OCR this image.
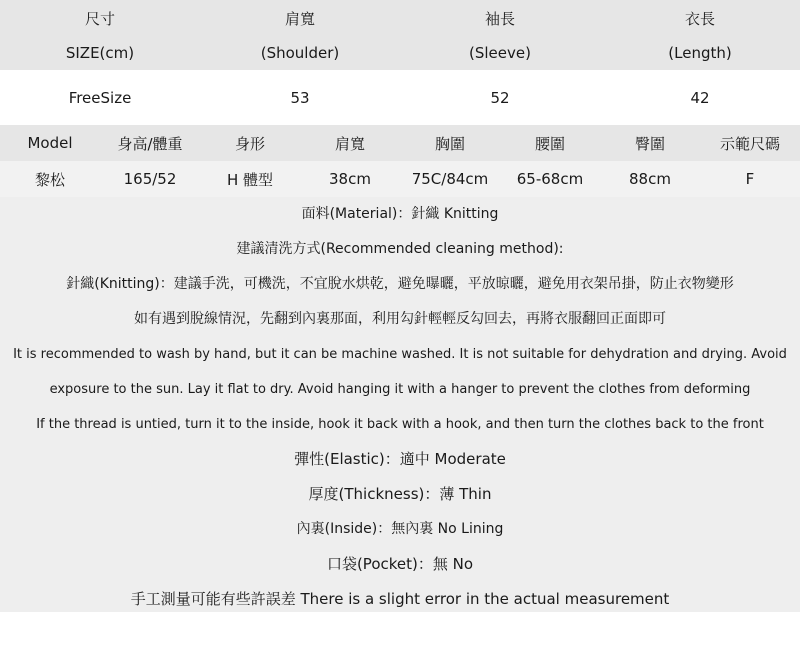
尺寸	肩寬	袖長	衣長
SIZE(cm)	(Shoulder)	(Sleeve)	(Length)
FreeSize	53	52	42
Model	身高/體重	身形	肩寬	胸圍	腰圍	臀圍	示範尺碼
黎松	165/52	H 體型	38cm	75C/84cm	65-68cm	88cm	F
面料(Material)：針織 Knitting
建議清洗方式(Recommended cleaning method):
針織(Knitting)：建議手洗，可機洗，不宜脫水烘乾，避免曝曬，平放晾曬，避免用衣架吊掛，防止衣物變形
如有遇到脫線情況，先翻到內裏那面，利用勾針輕輕反勾回去，再將衣服翻回正面即可
It is recommended to wash by hand, but it can be machine washed. It is not suitable for dehydration and drying. Avoid
exposure to the sun. Lay it flat to dry. Avoid hanging it with a hanger to prevent the clothes from deforming
If the thread is untied, turn it to the inside, hook it back with a hook, and then turn the clothes back to the front
彈性(Elastic)：適中 Moderate
厚度(Thickness)：薄 Thin
內裏(Inside)：無內裏 No Lining
口袋(Pocket)：無 No
手工測量可能有些許誤差 There is a slight error in the actual measurement
